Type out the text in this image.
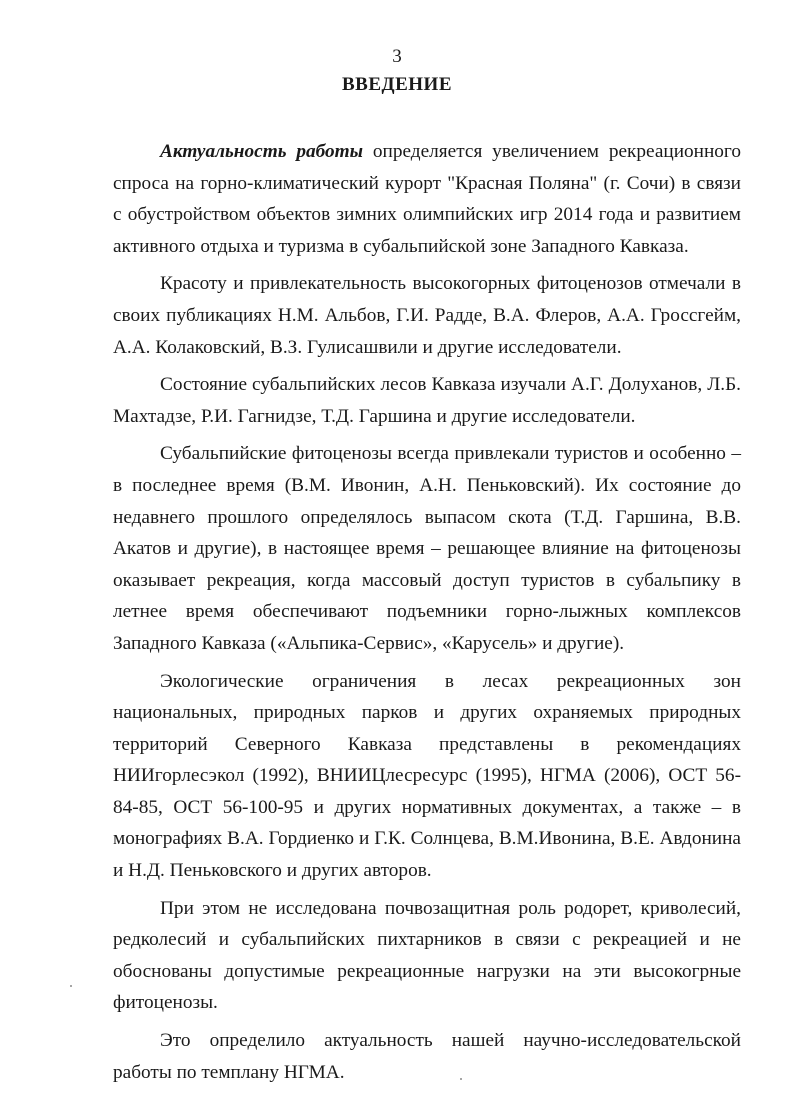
3
ВВЕДЕНИЕ

Актуальность работы определяется увеличением рекреационного спроса на горно-климатический курорт "Красная Поляна" (г. Сочи) в связи с обустройством объектов зимних олимпийских игр 2014 года и развитием активного отдыха и туризма в субальпийской зоне Западного Кавказа.

Красоту и привлекательность высокогорных фитоценозов отмечали в своих публикациях Н.М. Альбов, Г.И. Радде, В.А. Флеров, А.А. Гроссгейм, А.А. Колаковский, В.З. Гулисашвили и другие исследователи.

Состояние субальпийских лесов Кавказа изучали А.Г. Долуханов, Л.Б. Махтадзе, Р.И. Гагнидзе, Т.Д. Гаршина и другие исследователи.

Субальпийские фитоценозы всегда привлекали туристов и особенно – в последнее время (В.М. Ивонин, А.Н. Пеньковский). Их состояние до недавнего прошлого определялось выпасом скота (Т.Д. Гаршина, В.В. Акатов и другие), в настоящее время – решающее влияние на фитоценозы оказывает рекреация, когда массовый доступ туристов в субальпику в летнее время обеспечивают подъемники горно-лыжных комплексов Западного Кавказа («Альпика-Сервис», «Карусель» и другие).

Экологические ограничения в лесах рекреационных зон национальных, природных парков и других охраняемых природных территорий Северного Кавказа представлены в рекомендациях НИИгорлесэкол (1992), ВНИИЦлесресурс (1995), НГМА (2006), ОСТ 56-84-85, ОСТ 56-100-95 и других нормативных документах, а также – в монографиях В.А. Гордиенко и Г.К. Солнцева, В.М.Ивонина, В.Е. Авдонина и Н.Д. Пеньковского и других авторов.

При этом не исследована почвозащитная роль родорет, криволесий, редколесий и субальпийских пихтарников в связи с рекреацией и не обоснованы допустимые рекреационные нагрузки на эти высокогрные фитоценозы.

Это определило актуальность нашей научно-исследовательской работы по темплану НГМА.
